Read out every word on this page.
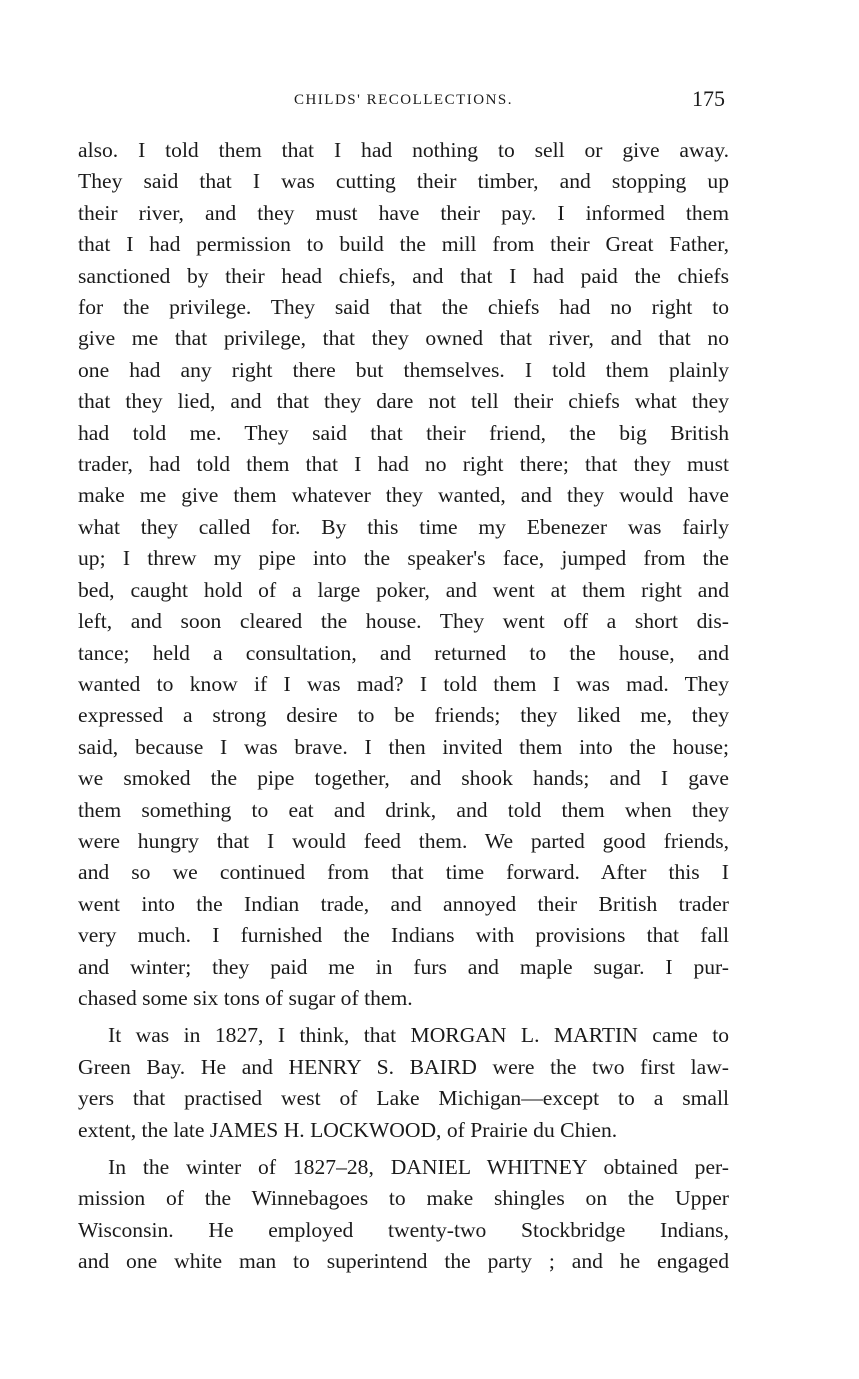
CHILDS' RECOLLECTIONS.	175
also. I told them that I had nothing to sell or give away.
They said that I was cutting their timber, and stopping up
their river, and they must have their pay. I informed them
that I had permission to build the mill from their Great Father,
sanctioned by their head chiefs, and that I had paid the chiefs
for the privilege. They said that the chiefs had no right to
give me that privilege, that they owned that river, and that no
one had any right there but themselves. I told them plainly
that they lied, and that they dare not tell their chiefs what they
had told me. They said that their friend, the big British
trader, had told them that I had no right there; that they must
make me give them whatever they wanted, and they would have
what they called for. By this time my Ebenezer was fairly
up; I threw my pipe into the speaker's face, jumped from the
bed, caught hold of a large poker, and went at them right and
left, and soon cleared the house. They went off a short dis-
tance; held a consultation, and returned to the house, and
wanted to know if I was mad? I told them I was mad. They
expressed a strong desire to be friends; they liked me, they
said, because I was brave. I then invited them into the house;
we smoked the pipe together, and shook hands; and I gave
them something to eat and drink, and told them when they
were hungry that I would feed them. We parted good friends,
and so we continued from that time forward. After this I
went into the Indian trade, and annoyed their British trader
very much. I furnished the Indians with provisions that fall
and winter; they paid me in furs and maple sugar. I pur-
chased some six tons of sugar of them.
It was in 1827, I think, that MORGAN L. MARTIN came to
Green Bay. He and HENRY S. BAIRD were the two first law-
yers that practised west of Lake Michigan—except to a small
extent, the late JAMES H. LOCKWOOD, of Prairie du Chien.
In the winter of 1827–28, DANIEL WHITNEY obtained per-
mission of the Winnebagoes to make shingles on the Upper
Wisconsin. He employed twenty-two Stockbridge Indians,
and one white man to superintend the party ; and he engaged
